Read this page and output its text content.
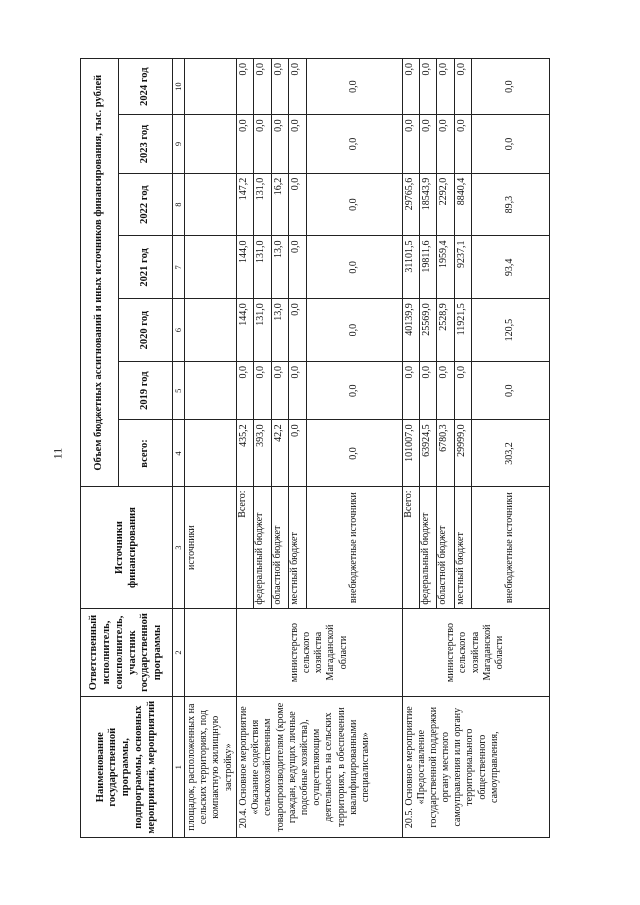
11
Наименование государственной программы, подпрограммы, основных мероприятий, мероприятий	Ответственный исполнитель, соисполнитель, участник государственной программы	Источники финансирования	Объем бюджетных ассигнований и иных источников финансирования, тыс. рублей						
			всего:	2019 год	2020 год	2021 год	2022 год	2023 год	2024 год
1	2	3	4	5	6	7	8	9	10
площадок, расположенных на сельских территориях, под компактную жилищную застройку»		источники							
20.4. Основное мероприятие «Оказание содействия сельскохозяйственным товаропроизводителям (кроме граждан, ведущих личные подсобные хозяйства), осуществляющим деятельность на сельских территориях, в обеспечении квалифицированными специалистами»	министерство сельского хозяйства Магаданской области	Всего:	435,2	0,0	144,0	144,0	147,2	0,0	0,0
		федеральный бюджет	393,0	0,0	131,0	131,0	131,0	0,0	0,0
		областной бюджет	42,2	0,0	13,0	13,0	16,2	0,0	0,0
		местный бюджет	0,0	0,0	0,0	0,0	0,0	0,0	0,0
		внебюджетные источники	0,0	0,0	0,0	0,0	0,0	0,0	0,0
20.5. Основное мероприятие «Предоставление государственной поддержки органу местного самоуправления или органу территориального общественного самоуправления,	министерство сельского хозяйства Магаданской области	Всего:	101007,0	0,0	40139,9	31101,5	29765,6	0,0	0,0
		федеральный бюджет	63924,5	0,0	25569,0	19811,6	18543,9	0,0	0,0
		областной бюджет	6780,3	0,0	2528,9	1959,4	2292,0	0,0	0,0
		местный бюджет	29999,0	0,0	11921,5	9237,1	8840,4	0,0	0,0
		внебюджетные источники	303,2	0,0	120,5	93,4	89,3	0,0	0,0
